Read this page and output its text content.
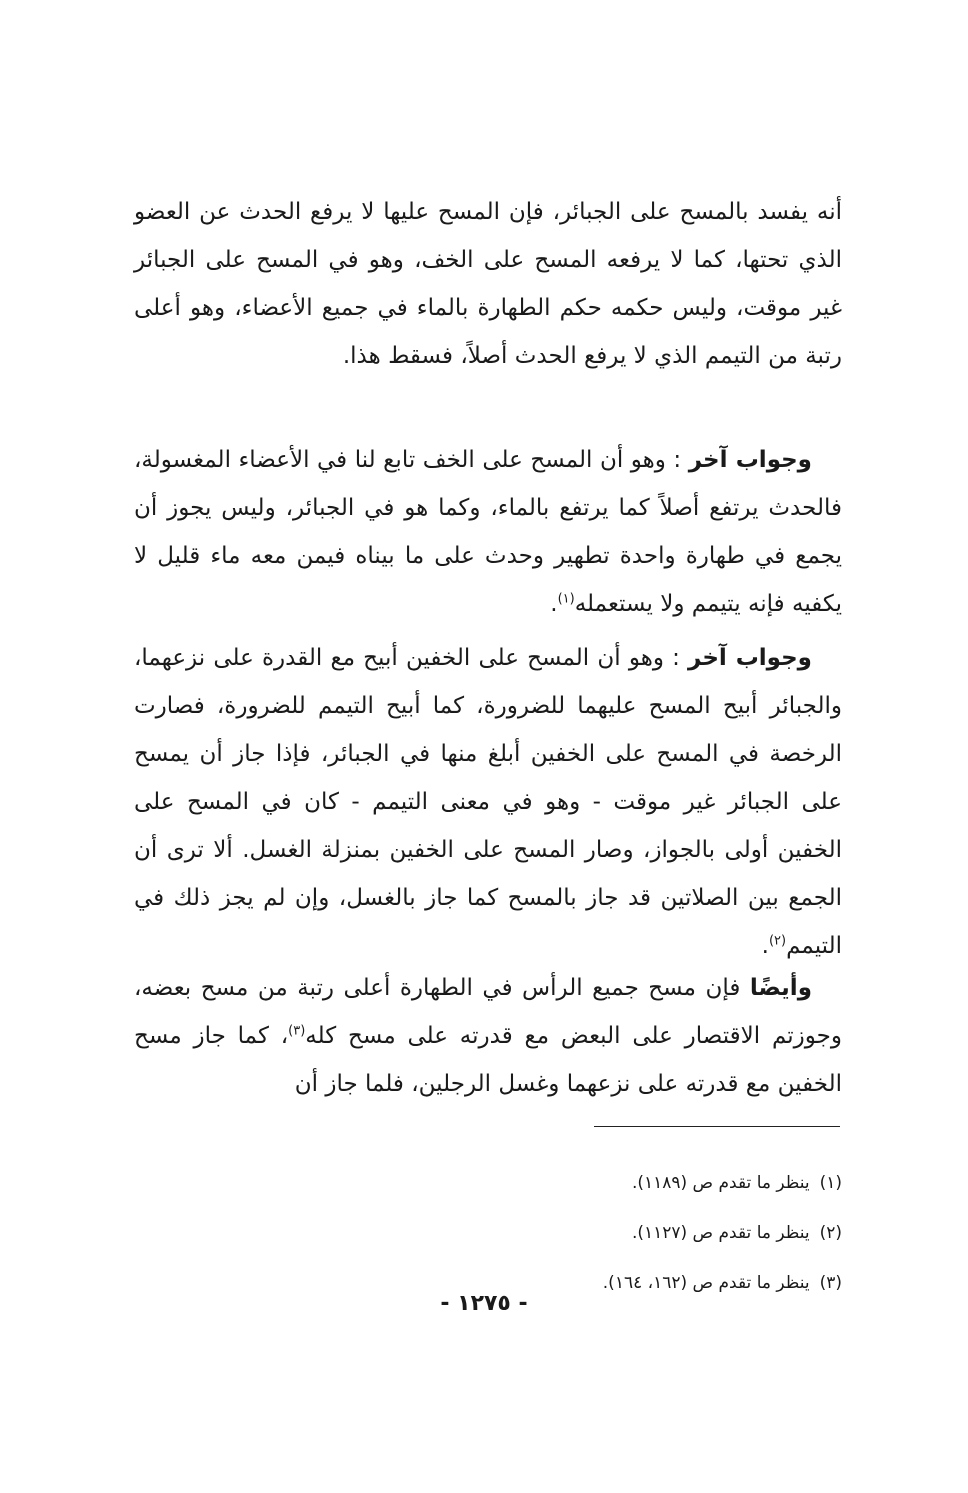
أنه يفسد بالمسح على الجبائر، فإن المسح عليها لا يرفع الحدث عن العضو الذي تحتها، كما لا يرفعه المسح على الخف، وهو في المسح على الجبائر غير موقت، وليس حكمه حكم الطهارة بالماء في جميع الأعضاء، وهو أعلى رتبة من التيمم الذي لا يرفع الحدث أصلاً، فسقط هذا.

وجواب آخر : وهو أن المسح على الخف تابع لنا في الأعضاء المغسولة، فالحدث يرتفع أصلاً كما يرتفع بالماء، وكما هو في الجبائر، وليس يجوز أن يجمع في طهارة واحدة تطهير وحدث على ما بيناه فيمن معه ماء قليل لا يكفيه فإنه يتيمم ولا يستعمله$^{(١)}$.

وجواب آخر : وهو أن المسح على الخفين أبيح مع القدرة على نزعهما، والجبائر أبيح المسح عليهما للضرورة، كما أبيح التيمم للضرورة، فصارت الرخصة في المسح على الخفين أبلغ منها في الجبائر، فإذا جاز أن يمسح على الجبائر غير موقت - وهو في معنى التيمم - كان في المسح على الخفين أولى بالجواز، وصار المسح على الخفين بمنزلة الغسل. ألا ترى أن الجمع بين الصلاتين قد جاز بالمسح كما جاز بالغسل، وإن لم يجز ذلك في التيمم$^{(٢)}$.

وأيضًا فإن مسح جميع الرأس في الطهارة أعلى رتبة من مسح بعضه، وجوزتم الاقتصار على البعض مع قدرته على مسح كله$^{(٣)}$، كما جاز مسح الخفين مع قدرته على نزعهما وغسل الرجلين، فلما جاز أن

(١)ينظر ما تقدم ص (١١٨٩).
(٢)ينظر ما تقدم ص (١١٢٧).
(٣)ينظر ما تقدم ص (١٦٢، ١٦٤).
- ١٢٧٥ -
